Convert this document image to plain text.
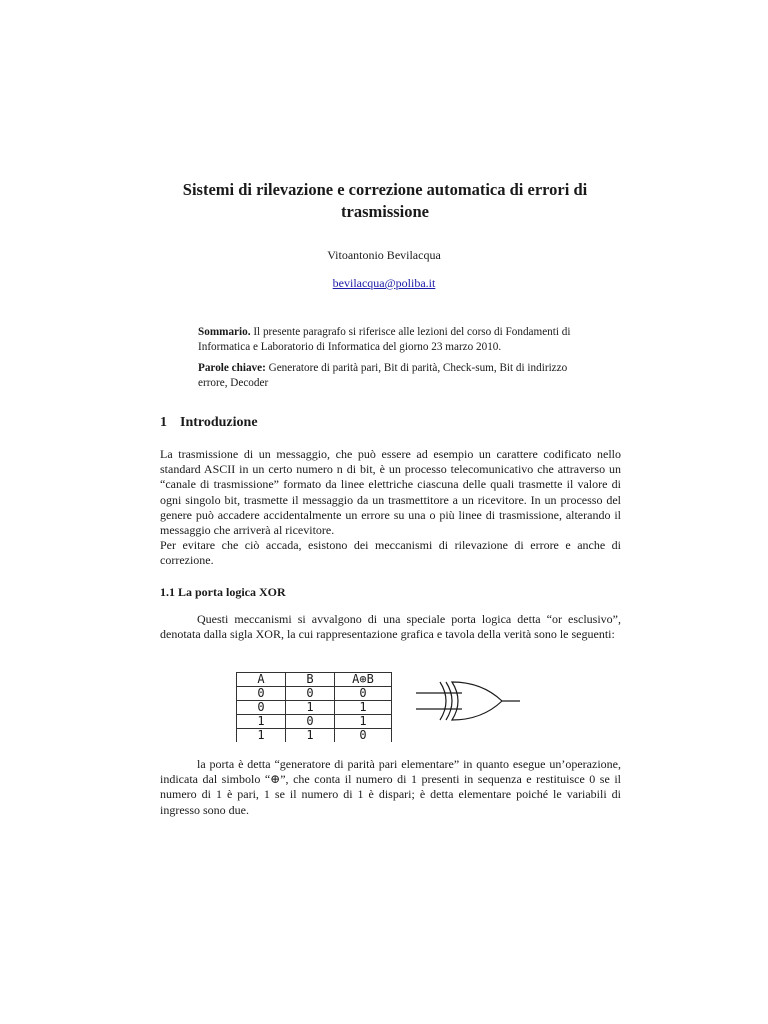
Sistemi di rilevazione e correzione automatica di errori di trasmissione
Vitoantonio Bevilacqua
bevilacqua@poliba.it

Sommario. Il presente paragrafo si riferisce alle lezioni del corso di Fondamenti di Informatica e Laboratorio di Informatica del giorno 23 marzo 2010.

Parole chiave: Generatore di parità pari, Bit di parità, Check-sum, Bit di indirizzo errore, Decoder

1 Introduzione

La trasmissione di un messaggio, che può essere ad esempio un carattere codificato nello standard ASCII in un certo numero n di bit, è un processo telecomunicativo che attraverso un “canale di trasmissione” formato da linee elettriche ciascuna delle quali trasmette il valore di ogni singolo bit, trasmette il messaggio da un trasmettitore a un ricevitore. In un processo del genere può accadere accidentalmente un errore su una o più linee di trasmissione, alterando il messaggio che arriverà al ricevitore.

Per evitare che ciò accada, esistono dei meccanismi di rilevazione di errore e anche di correzione.

1.1 La porta logica XOR
Questi meccanismi si avvalgono di una speciale porta logica detta “or esclusivo”, denotata dalla sigla XOR, la cui rappresentazione grafica e tavola della verità sono le seguenti:
A	B	A⊕B
0	0	0
0	1	1
1	0	1
1	1	0
la porta è detta “generatore di parità pari elementare” in quanto esegue un’operazione, indicata dal simbolo “⊕”, che conta il numero di 1 presenti in sequenza e restituisce 0 se il numero di 1 è pari, 1 se il numero di 1 è dispari; è detta elementare poiché le variabili di ingresso sono due.
